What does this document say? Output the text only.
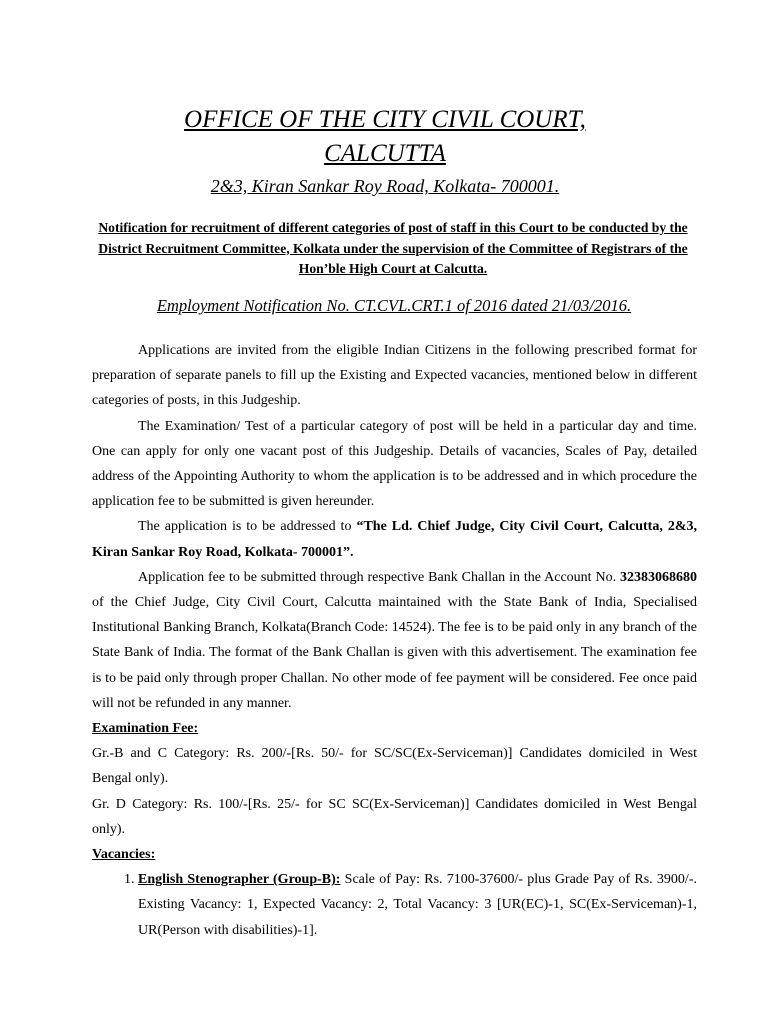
OFFICE OF THE CITY CIVIL COURT,
CALCUTTA
2&3, Kiran Sankar Roy Road, Kolkata- 700001.
Notification for recruitment of different categories of post of staff in this Court to be conducted by the District Recruitment Committee, Kolkata under the supervision of the Committee of Registrars of the Hon’ble High Court at Calcutta.
Employment Notification No. CT.CVL.CRT.1 of 2016 dated 21/03/2016.

Applications are invited from the eligible Indian Citizens in the following prescribed format for preparation of separate panels to fill up the Existing and Expected vacancies, mentioned below in different categories of posts, in this Judgeship.

The Examination/ Test of a particular category of post will be held in a particular day and time. One can apply for only one vacant post of this Judgeship. Details of vacancies, Scales of Pay, detailed address of the Appointing Authority to whom the application is to be addressed and in which procedure the application fee to be submitted is given hereunder.

The application is to be addressed to “The Ld. Chief Judge, City Civil Court, Calcutta, 2&3, Kiran Sankar Roy Road, Kolkata- 700001”.

Application fee to be submitted through respective Bank Challan in the Account No. 32383068680 of the Chief Judge, City Civil Court, Calcutta maintained with the State Bank of India, Specialised Institutional Banking Branch, Kolkata(Branch Code: 14524). The fee is to be paid only in any branch of the State Bank of India. The format of the Bank Challan is given with this advertisement. The examination fee is to be paid only through proper Challan. No other mode of fee payment will be considered. Fee once paid will not be refunded in any manner.

Examination Fee:

Gr.-B and C Category: Rs. 200/-[Rs. 50/- for SC/SC(Ex-Serviceman)] Candidates domiciled in West Bengal only).

Gr. D Category: Rs. 100/-[Rs. 25/- for SC SC(Ex-Serviceman)] Candidates domiciled in West Bengal only).

Vacancies:

1. English Stenographer (Group-B): Scale of Pay: Rs. 7100-37600/- plus Grade Pay of Rs. 3900/-. Existing Vacancy: 1, Expected Vacancy: 2, Total Vacancy: 3 [UR(EC)-1, SC(Ex-Serviceman)-1, UR(Person with disabilities)-1].
